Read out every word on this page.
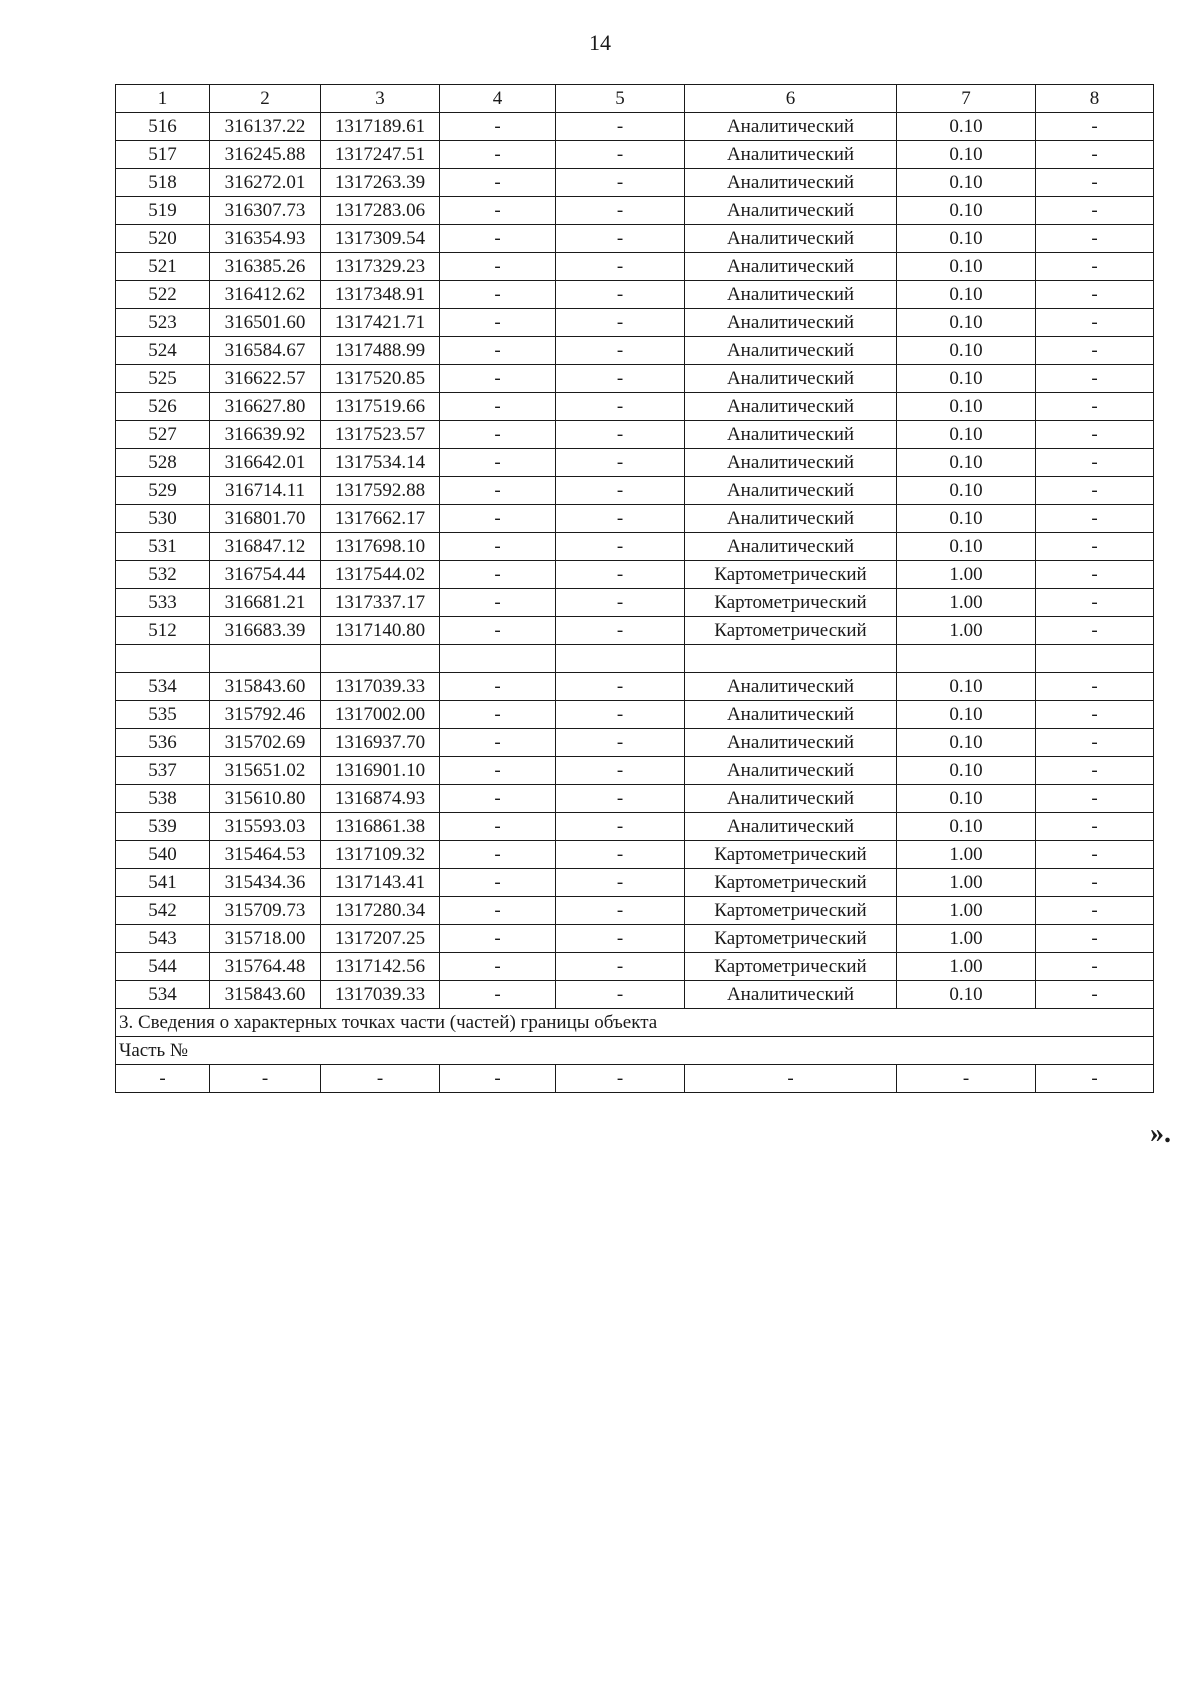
14
1	2	3	4	5	6	7	8
516	316137.22	1317189.61	-	-	Аналитический	0.10	-
517	316245.88	1317247.51	-	-	Аналитический	0.10	-
518	316272.01	1317263.39	-	-	Аналитический	0.10	-
519	316307.73	1317283.06	-	-	Аналитический	0.10	-
520	316354.93	1317309.54	-	-	Аналитический	0.10	-
521	316385.26	1317329.23	-	-	Аналитический	0.10	-
522	316412.62	1317348.91	-	-	Аналитический	0.10	-
523	316501.60	1317421.71	-	-	Аналитический	0.10	-
524	316584.67	1317488.99	-	-	Аналитический	0.10	-
525	316622.57	1317520.85	-	-	Аналитический	0.10	-
526	316627.80	1317519.66	-	-	Аналитический	0.10	-
527	316639.92	1317523.57	-	-	Аналитический	0.10	-
528	316642.01	1317534.14	-	-	Аналитический	0.10	-
529	316714.11	1317592.88	-	-	Аналитический	0.10	-
530	316801.70	1317662.17	-	-	Аналитический	0.10	-
531	316847.12	1317698.10	-	-	Аналитический	0.10	-
532	316754.44	1317544.02	-	-	Картометрический	1.00	-
533	316681.21	1317337.17	-	-	Картометрический	1.00	-
512	316683.39	1317140.80	-	-	Картометрический	1.00	-

534	315843.60	1317039.33	-	-	Аналитический	0.10	-
535	315792.46	1317002.00	-	-	Аналитический	0.10	-
536	315702.69	1316937.70	-	-	Аналитический	0.10	-
537	315651.02	1316901.10	-	-	Аналитический	0.10	-
538	315610.80	1316874.93	-	-	Аналитический	0.10	-
539	315593.03	1316861.38	-	-	Аналитический	0.10	-
540	315464.53	1317109.32	-	-	Картометрический	1.00	-
541	315434.36	1317143.41	-	-	Картометрический	1.00	-
542	315709.73	1317280.34	-	-	Картометрический	1.00	-
543	315718.00	1317207.25	-	-	Картометрический	1.00	-
544	315764.48	1317142.56	-	-	Картометрический	1.00	-
534	315843.60	1317039.33	-	-	Аналитический	0.10	-
3. Сведения о характерных точках части (частей) границы объекта							
Часть №							
-	-	-	-	-	-	-	-
».
